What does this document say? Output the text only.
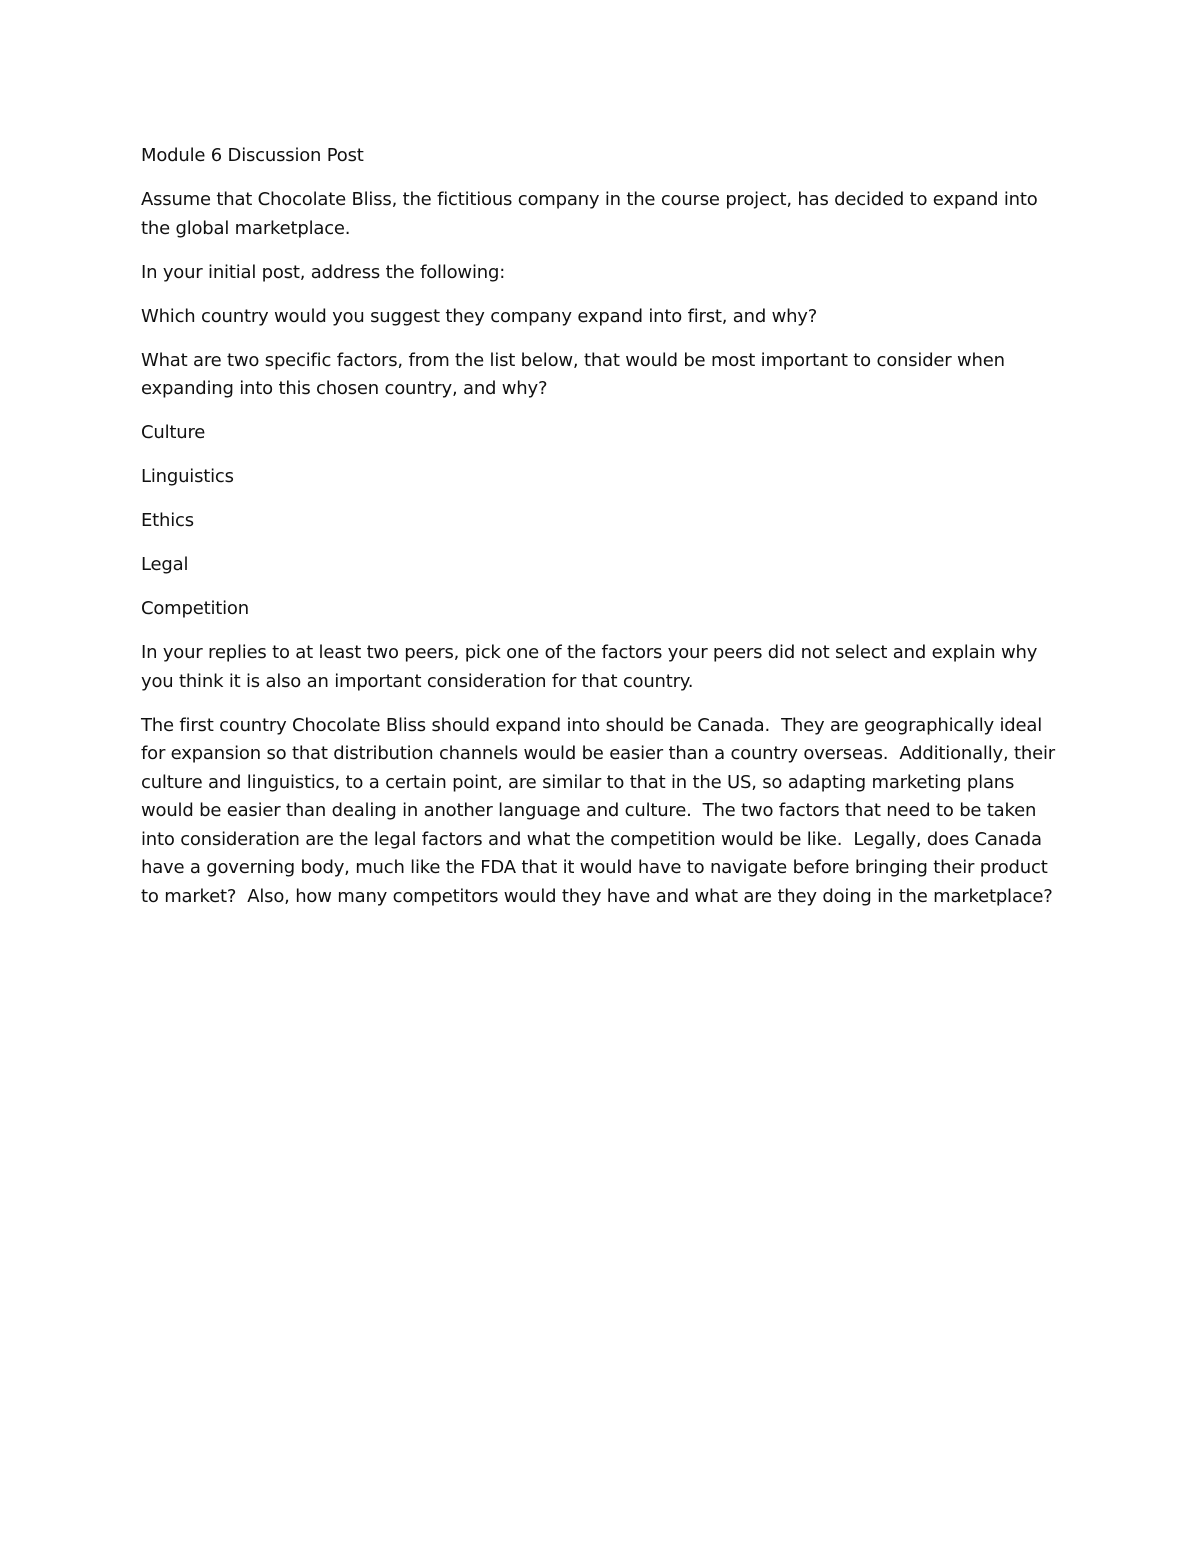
Module 6 Discussion Post

Assume that Chocolate Bliss, the fictitious company in the course project, has decided to expand into the global marketplace.

In your initial post, address the following:

Which country would you suggest they company expand into first, and why?

What are two specific factors, from the list below, that would be most important to consider when expanding into this chosen country, and why?

Culture
Linguistics
Ethics
Legal
Competition

In your replies to at least two peers, pick one of the factors your peers did not select and explain why you think it is also an important consideration for that country.

The first country Chocolate Bliss should expand into should be Canada.  They are geographically ideal for expansion so that distribution channels would be easier than a country overseas.  Additionally, their culture and linguistics, to a certain point, are similar to that in the US, so adapting marketing plans would be easier than dealing in another language and culture.  The two factors that need to be taken into consideration are the legal factors and what the competition would be like.  Legally, does Canada have a governing body, much like the FDA that it would have to navigate before bringing their product to market?  Also, how many competitors would they have and what are they doing in the marketplace?
